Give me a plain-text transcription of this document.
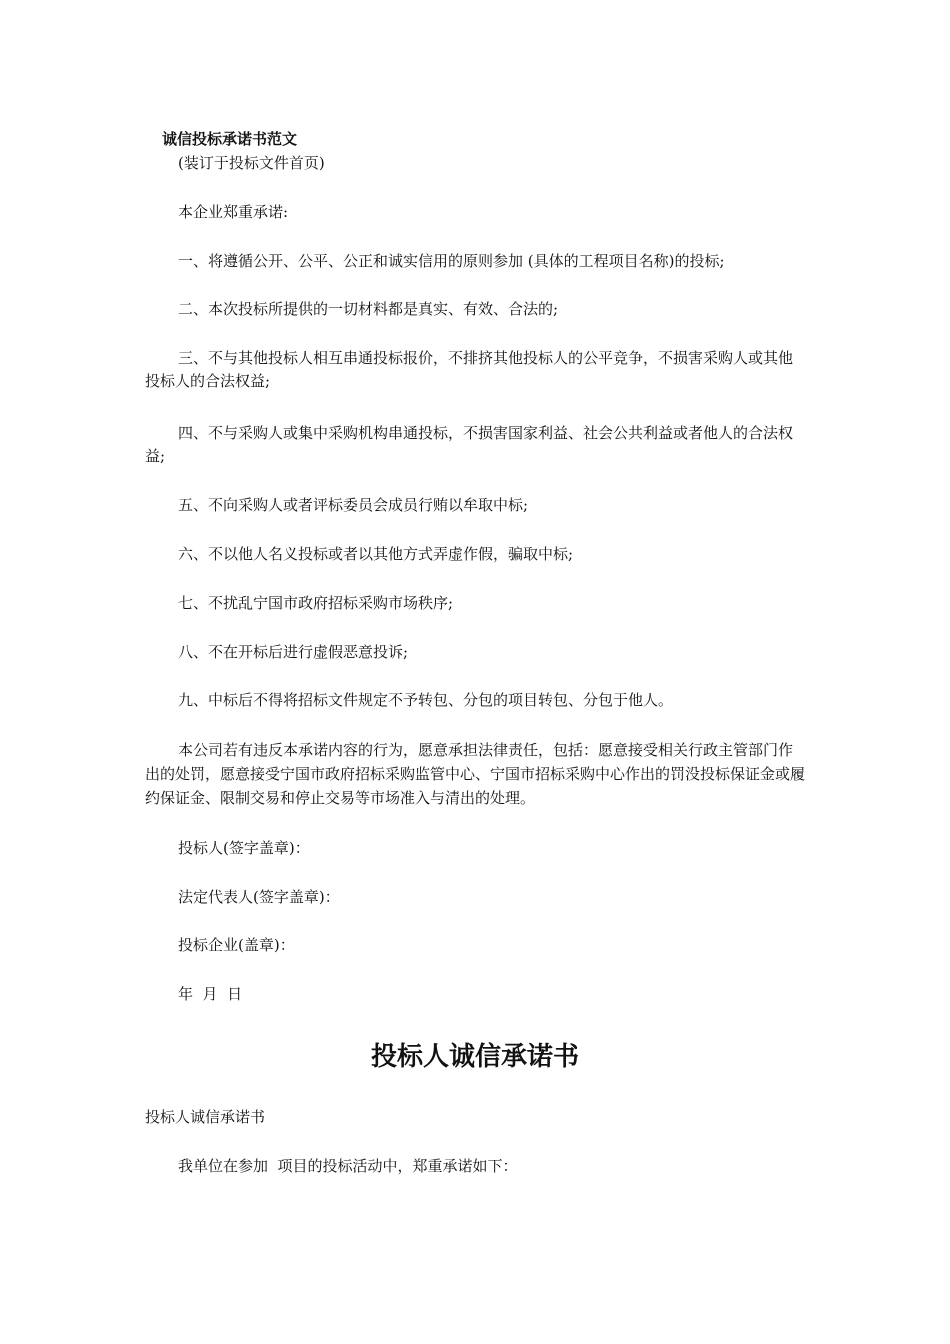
诚信投标承诺书范文
(装订于投标文件首页)
本企业郑重承诺:
一、将遵循公开、公平、公正和诚实信用的原则参加 (具体的工程项目名称)的投标;
二、本次投标所提供的一切材料都是真实、有效、合法的;
三、不与其他投标人相互串通投标报价，不排挤其他投标人的公平竞争，不损害采购人或其他投标人的合法权益;
四、不与采购人或集中采购机构串通投标，不损害国家利益、社会公共利益或者他人的合法权益;
五、不向采购人或者评标委员会成员行贿以牟取中标;
六、不以他人名义投标或者以其他方式弄虚作假，骗取中标;
七、不扰乱宁国市政府招标采购市场秩序;
八、不在开标后进行虚假恶意投诉;
九、中标后不得将招标文件规定不予转包、分包的项目转包、分包于他人。
本公司若有违反本承诺内容的行为，愿意承担法律责任，包括：愿意接受相关行政主管部门作出的处罚，愿意接受宁国市政府招标采购监管中心、宁国市招标采购中心作出的罚没投标保证金或履约保证金、限制交易和停止交易等市场准入与清出的处理。
投标人(签字盖章)：
法定代表人(签字盖章)：
投标企业(盖章)：
年  月  日
投标人诚信承诺书
投标人诚信承诺书
我单位在参加  项目的投标活动中，郑重承诺如下：
